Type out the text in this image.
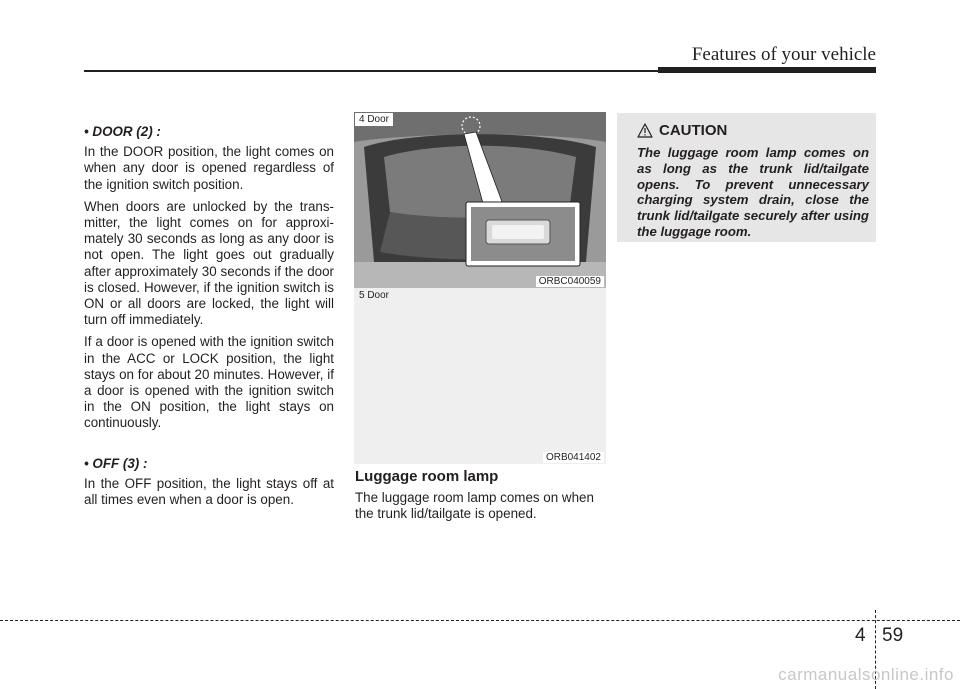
Features of your vehicle
• DOOR (2) :

In the DOOR position, the light comes on when any door is opened regardless of the ignition switch position.

When doors are unlocked by the trans-mitter, the light comes on for approxi-mately 30 seconds as long as any door is not open. The light goes out gradually after approximately 30 seconds if the door is closed. However, if the ignition switch is ON or all doors are locked, the light will turn off immediately.

If a door is opened with the ignition switch in the ACC or LOCK position, the light stays on for about 20 minutes. However, if a door is opened with the ignition switch in the ON position, the light stays on continuously.

• OFF (3) :

In the OFF position, the light stays off at all times even when a door is open.

4 Door
ORBC040059
5 Door
ORB041402
Luggage room lamp
The luggage room lamp comes on when the trunk lid/tailgate is opened.
CAUTION
The luggage room lamp comes on as long as the trunk lid/tailgate opens. To prevent unnecessary charging system drain, close the trunk lid/tailgate securely after using the luggage room.
4 59
carmanualsonline.info
